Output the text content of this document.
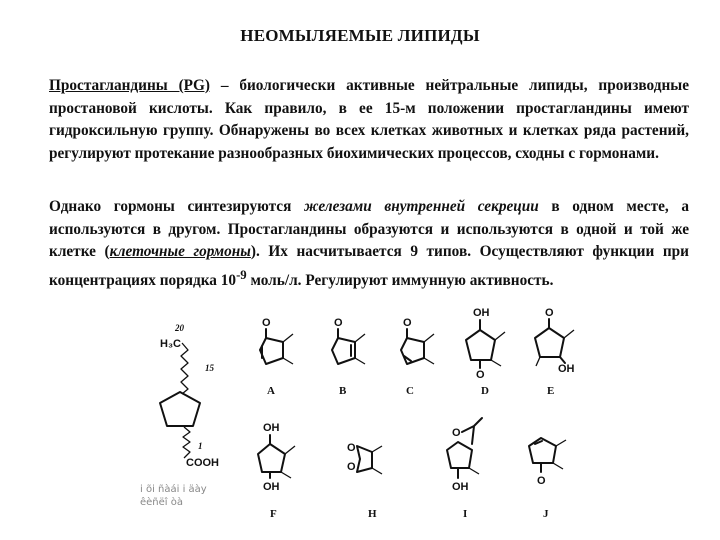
НЕОМЫЛЯЕМЫЕ ЛИПИДЫ
Простагландины (PG) – биологически активные нейтральные липиды, производные простановой кислоты. Как правило, в ее 15-м положении простагландины имеют гидроксильную группу. Обнаружены во всех клетках животных и клетках ряда растений, регулируют протекание разнообразных биохимических процессов, сходны с гормонами.
Однако гормоны синтезируются железами внутренней секреции в одном месте, а используются в другом. Простагландины образуются и используются в одной и той же клетке (клеточные гормоны). Их насчитывается 9 типов. Осуществляют функции при концентрациях порядка $10^{-9}$ моль/л. Регулируют иммунную активность.
20
H₃C
15
1
COOH
O
A
O
B
O
C
OH
O
D
O
OH
E
OH
OH
F
O
O
H
O
OH
I
O
J
i õi ñàái i äày
êèñëî òà
